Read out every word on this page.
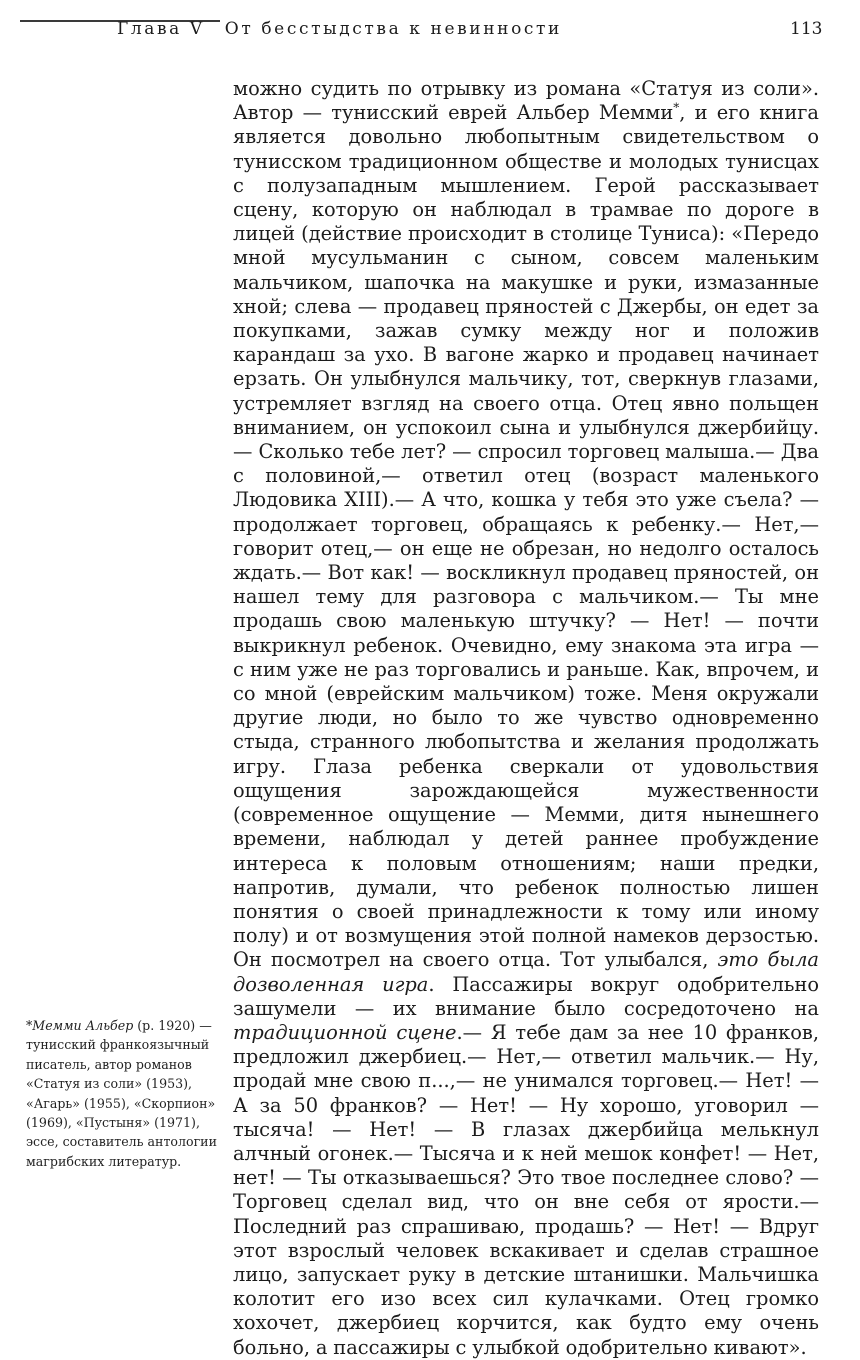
Глава V От бесстыдства к невинности	113

можно судить по отрывку из романа «Статуя из соли». Автор — тунисский еврей Альбер Мемми*, и его книга является довольно любопытным свидетельством о тунисском традиционном обществе и молодых тунисцах с полузападным мышлением. Герой рассказывает сцену, которую он наблюдал в трамвае по дороге в лицей (действие происходит в столице Туниса): «Передо мной мусульманин с сыном, совсем маленьким мальчиком, шапочка на макушке и руки, измазанные хной; слева — продавец пряностей с Джербы, он едет за покупками, зажав сумку между ног и положив карандаш за ухо. В вагоне жарко и продавец начинает ерзать. Он улыбнулся мальчику, тот, сверкнув глазами, устремляет взгляд на своего отца. Отец явно польщен вниманием, он успокоил сына и улыбнулся джербийцу.— Сколько тебе лет? — спросил торговец малыша.— Два с половиной,— ответил отец (возраст маленького Людовика XIII).— А что, кошка у тебя это уже съела? — продолжает торговец, обращаясь к ребенку.— Нет,— говорит отец,— он еще не обрезан, но недолго осталось ждать.— Вот как! — воскликнул продавец пряностей, он нашел тему для разговора с мальчиком.— Ты мне продашь свою маленькую штучку? — Нет! — почти выкрикнул ребенок. Очевидно, ему знакома эта игра — с ним уже не раз торговались и раньше. Как, впрочем, и со мной (еврейским мальчиком) тоже. Меня окружали другие люди, но было то же чувство одновременно стыда, странного любопытства и желания продолжать игру. Глаза ребенка сверкали от удовольствия ощущения зарождающейся мужественности (современное ощущение — Мемми, дитя нынешнего времени, наблюдал у детей раннее пробуждение интереса к половым отношениям; наши предки, напротив, думали, что ребенок полностью лишен понятия о своей принадлежности к тому или иному полу) и от возмущения этой полной намеков дерзостью. Он посмотрел на своего отца. Тот улыбался, это была дозволенная игра. Пассажиры вокруг одобрительно зашумели — их внимание было сосредоточено на традиционной сцене.— Я тебе дам за нее 10 франков, предложил джербиец.— Нет,— ответил мальчик.— Ну, продай мне свою п...,— не унимался торговец.— Нет! — А за 50 франков? — Нет! — Ну хорошо, уговорил — тысяча! — Нет! — В глазах джербийца мелькнул алчный огонек.— Тысяча и к ней мешок конфет! — Нет, нет! — Ты отказываешься? Это твое последнее слово? — Торговец сделал вид, что он вне себя от ярости.— Последний раз спрашиваю, продашь? — Нет! — Вдруг этот взрослый человек вскакивает и сделав страшное лицо, запускает руку в детские штанишки. Мальчишка колотит его изо всех сил кулачками. Отец громко хохочет, джербиец корчится, как будто ему очень больно, а пассажиры с улыбкой одобрительно кивают».

*Мемми Альбер (р. 1920) — тунисский франкоязычный писатель, автор романов «Статуя из соли» (1953), «Агарь» (1955), «Скорпион» (1969), «Пустыня» (1971), эссе, составитель антологии магрибских литератур.
